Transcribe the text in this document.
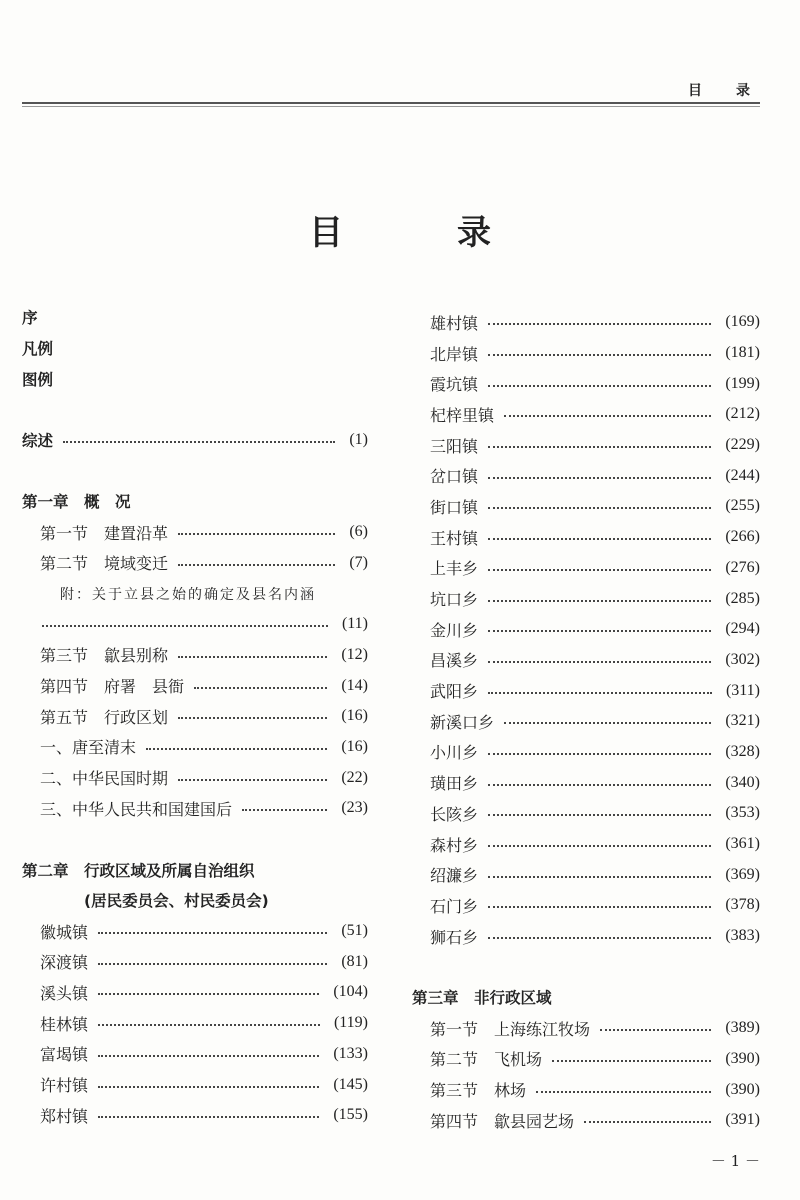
目　录
目　录
序
凡例
图例
综述	(1)
第一章　概　况
第一节　建置沿革	(6)
第二节　境域变迁	(7)
附：关于立县之始的确定及县名内涵
(11)
第三节　歙县别称	(12)
第四节　府署　县衙	(14)
第五节　行政区划	(16)
一、唐至清末	(16)
二、中华民国时期	(22)
三、中华人民共和国建国后	(23)
第二章　行政区域及所属自治组织
(居民委员会、村民委员会)
徽城镇	(51)
深渡镇	(81)
溪头镇	(104)
桂林镇	(119)
富堨镇	(133)
许村镇	(145)
郑村镇	(155)
雄村镇	(169)
北岸镇	(181)
霞坑镇	(199)
杞梓里镇	(212)
三阳镇	(229)
岔口镇	(244)
街口镇	(255)
王村镇	(266)
上丰乡	(276)
坑口乡	(285)
金川乡	(294)
昌溪乡	(302)
武阳乡	(311)
新溪口乡	(321)
小川乡	(328)
璜田乡	(340)
长陔乡	(353)
森村乡	(361)
绍濂乡	(369)
石门乡	(378)
狮石乡	(383)
第三章　非行政区域
第一节　上海练江牧场	(389)
第二节　飞机场	(390)
第三节　林场	(390)
第四节　歙县园艺场	(391)
－ 1 －
